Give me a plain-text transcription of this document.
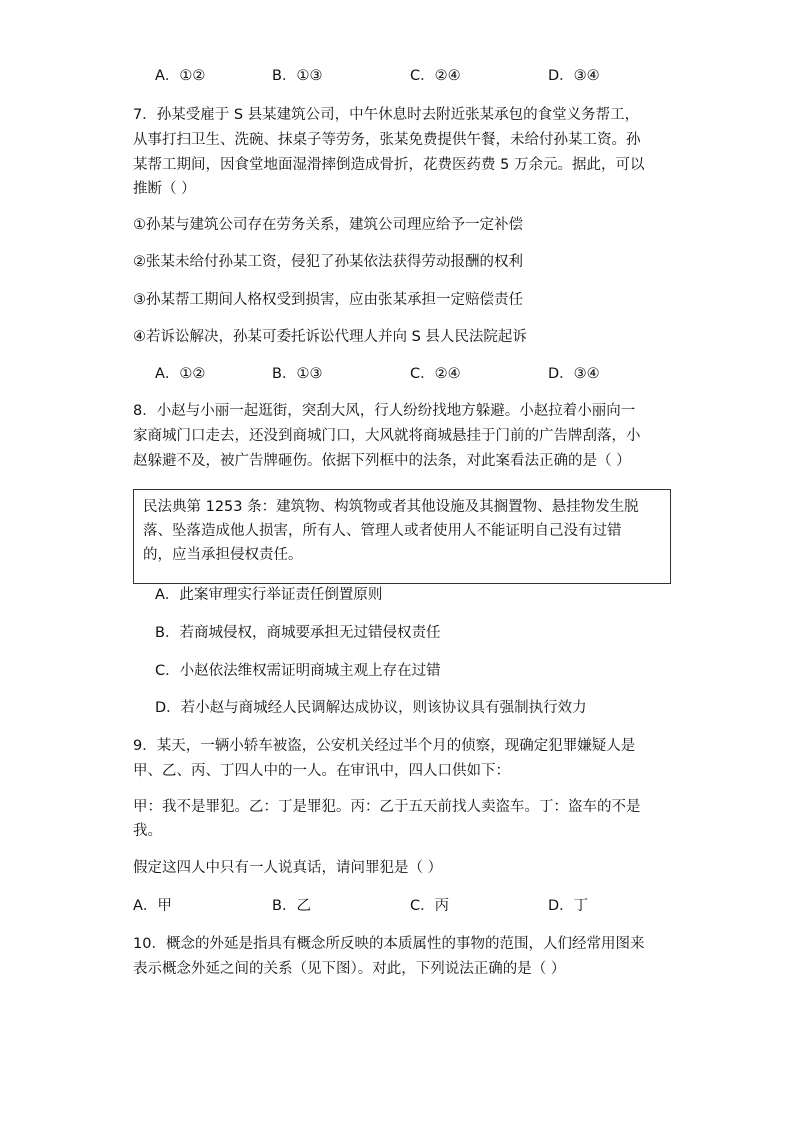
A．①②	B．①③	C．②④	D．③④
7．孙某受雇于 S 县某建筑公司，中午休息时去附近张某承包的食堂义务帮工，
从事打扫卫生、洗碗、抹桌子等劳务，张某免费提供午餐，未给付孙某工资。孙
某帮工期间，因食堂地面湿滑摔倒造成骨折，花费医药费 5 万余元。据此，可以
推断（ ）
①孙某与建筑公司存在劳务关系，建筑公司理应给予一定补偿
②张某未给付孙某工资，侵犯了孙某依法获得劳动报酬的权利
③孙某帮工期间人格权受到损害，应由张某承担一定赔偿责任
④若诉讼解决，孙某可委托诉讼代理人并向 S 县人民法院起诉
A．①②	B．①③	C．②④	D．③④
8．小赵与小丽一起逛街，突刮大风，行人纷纷找地方躲避。小赵拉着小丽向一
家商城门口走去，还没到商城门口，大风就将商城悬挂于门前的广告牌刮落，小
赵躲避不及，被广告牌砸伤。依据下列框中的法条，对此案看法正确的是（ ）
民法典第 1253 条：建筑物、构筑物或者其他设施及其搁置物、悬挂物发生脱
落、坠落造成他人损害，所有人、管理人或者使用人不能证明自己没有过错
的，应当承担侵权责任。
A．此案审理实行举证责任倒置原则
B．若商城侵权，商城要承担无过错侵权责任
C．小赵依法维权需证明商城主观上存在过错
D．若小赵与商城经人民调解达成协议，则该协议具有强制执行效力
9．某天，一辆小轿车被盗，公安机关经过半个月的侦察，现确定犯罪嫌疑人是
甲、乙、丙、丁四人中的一人。在审讯中，四人口供如下：
甲：我不是罪犯。乙：丁是罪犯。丙：乙于五天前找人卖盗车。丁：盗车的不是
我。
假定这四人中只有一人说真话，请问罪犯是（ ）
A．甲	B．乙	C．丙	D．丁
10．概念的外延是指具有概念所反映的本质属性的事物的范围，人们经常用图来
表示概念外延之间的关系（见下图）。对此，下列说法正确的是（ ）
